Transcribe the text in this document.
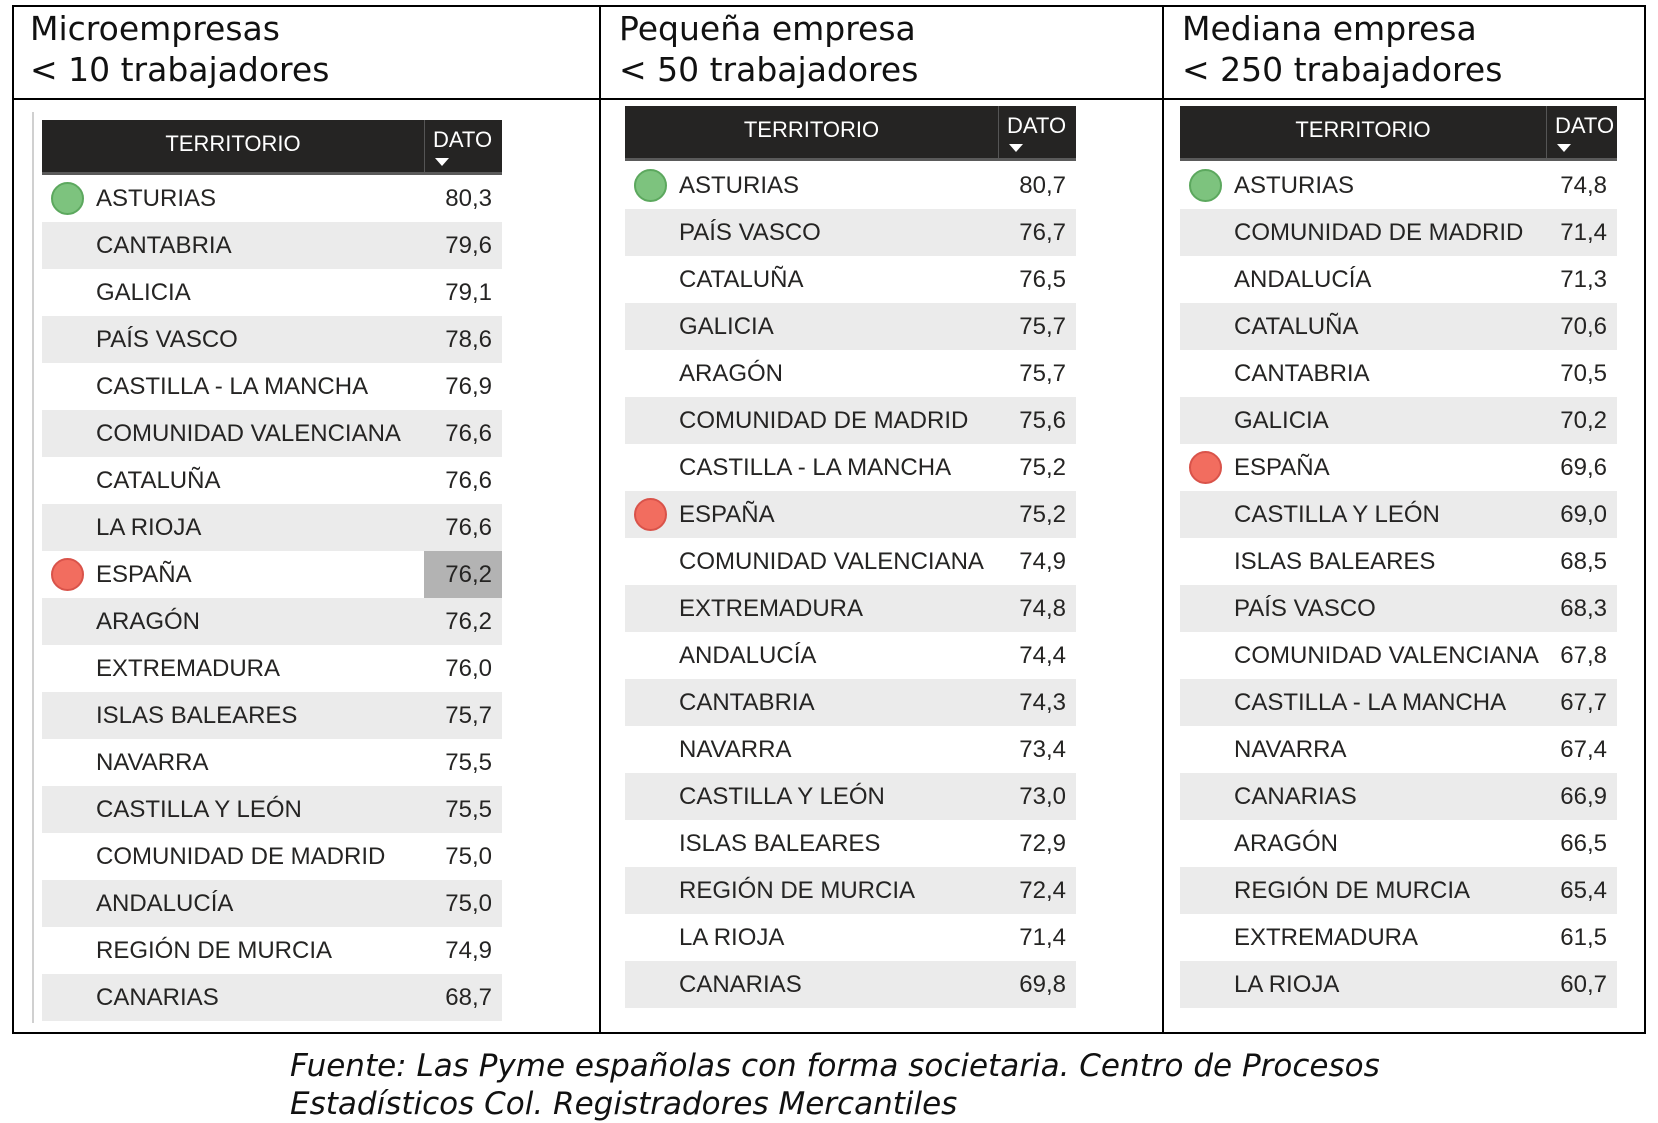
Microempresas
< 10 trabajadores
TERRITORIO	DATO
ASTURIAS	80,3
CANTABRIA	79,6
GALICIA	79,1
PAÍS VASCO	78,6
CASTILLA - LA MANCHA	76,9
COMUNIDAD VALENCIANA 76,6
CATALUÑA	76,6
LA RIOJA	76,6
ESPAÑA	76,2
ARAGÓN	76,2
EXTREMADURA	76,0
ISLAS BALEARES	75,7
NAVARRA	75,5
CASTILLA Y LEÓN	75,5
COMUNIDAD DE MADRID 75,0
ANDALUCÍA	75,0
REGIÓN DE MURCIA	74,9
CANARIAS	68,7
Pequeña empresa
< 50 trabajadores
TERRITORIO	DATO
ASTURIAS	80,7
PAÍS VASCO	76,7
CATALUÑA	76,5
GALICIA	75,7
ARAGÓN	75,7
COMUNIDAD DE MADRID 75,6
CASTILLA - LA MANCHA	75,2
ESPAÑA	75,2
COMUNIDAD VALENCIANA 74,9
EXTREMADURA	74,8
ANDALUCÍA	74,4
CANTABRIA	74,3
NAVARRA	73,4
CASTILLA Y LEÓN	73,0
ISLAS BALEARES	72,9
REGIÓN DE MURCIA	72,4
LA RIOJA	71,4
CANARIAS	69,8
Mediana empresa
< 250 trabajadores
TERRITORIO	DATO
ASTURIAS	74,8
COMUNIDAD DE MADRID 71,4
ANDALUCÍA	71,3
CATALUÑA	70,6
CANTABRIA	70,5
GALICIA	70,2
ESPAÑA	69,6
CASTILLA Y LEÓN	69,0
ISLAS BALEARES	68,5
PAÍS VASCO	68,3
COMUNIDAD VALENCIANA 67,8
CASTILLA - LA MANCHA 67,7
NAVARRA	67,4
CANARIAS	66,9
ARAGÓN	66,5
REGIÓN DE MURCIA	65,4
EXTREMADURA	61,5
LA RIOJA	60,7
Fuente: Las Pyme españolas con forma societaria. Centro de Procesos
Estadísticos Col. Registradores Mercantiles
